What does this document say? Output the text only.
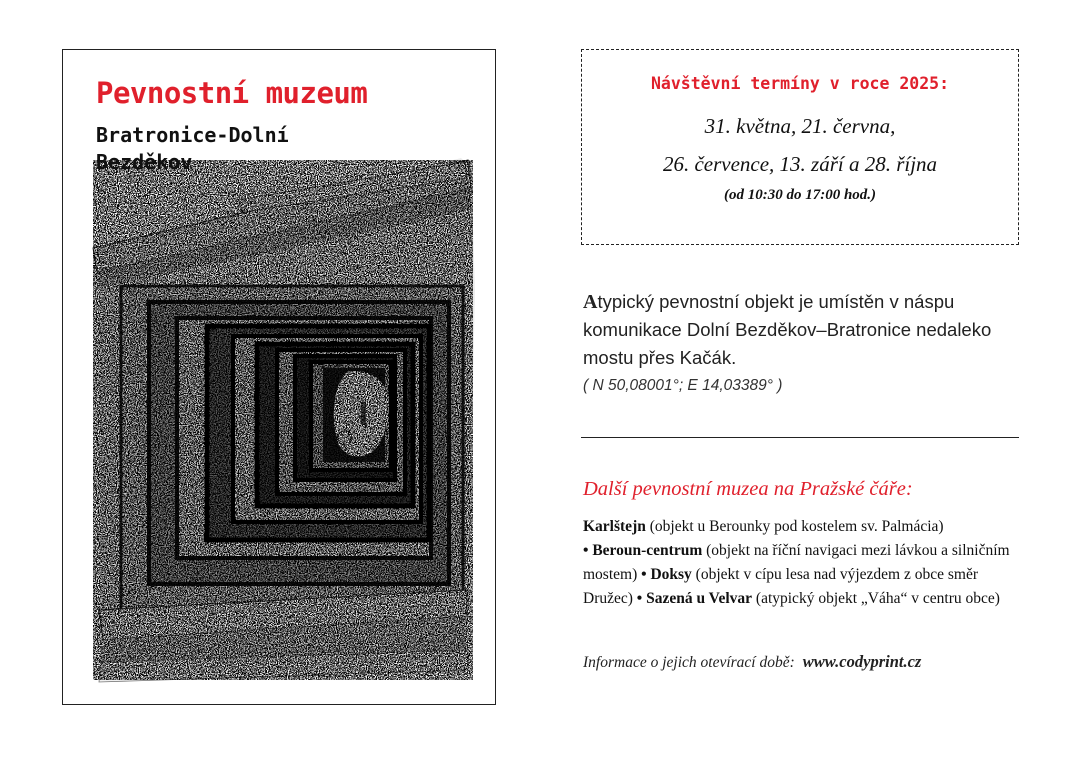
Pevnostní muzeum
Bratronice-Dolní Bezděkov

Návštěvní termíny v roce 2025:

31. května, 21. června,

26. července, 13. září a 28. října

(od 10:30 do 17:00 hod.)

Atypický pevnostní objekt je umístěn v náspu komunikace Dolní Bezděkov–Bratronice nedaleko mostu přes Kačák.

( N 50,08001°; E 14,03389° )

Další pevnostní muzea na Pražské čáře:

Karlštejn (objekt u Berounky pod kostelem sv. Palmácia)
• Beroun-centrum (objekt na říční navigaci mezi lávkou a silničním mostem) • Doksy (objekt v cípu lesa nad výjezdem z obce směr Družec) • Sazená u Velvar (atypický objekt „Váha“ v centru obce)

Informace o jejich otevírací době: www.codyprint.cz
